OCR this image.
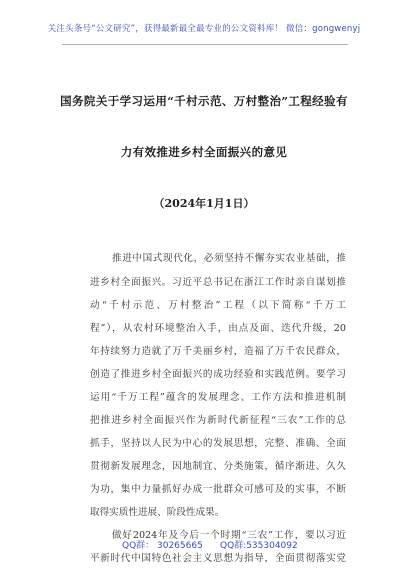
关注头条号“公文研究”，获得最新最全最专业的公文资料库！ 微信：gongwenyj
国务院关于学习运用“千村示范、万村整治”工程经验有
力有效推进乡村全面振兴的意见
（2024年1月1日）
推进中国式现代化，必须坚持不懈夯实农业基础，推
进乡村全面振兴。习近平总书记在浙江工作时亲自谋划推
动“千村示范、万村整治”工程（以下简称“千万工
程”），从农村环境整治入手，由点及面、迭代升级，20
年持续努力造就了万千美丽乡村，造福了万千农民群众，
创造了推进乡村全面振兴的成功经验和实践范例。要学习
运用“千万工程”蕴含的发展理念、工作方法和推进机制
把推进乡村全面振兴作为新时代新征程“三农”工作的总
抓手，坚持以人民为中心的发展思想，完整、准确、全面
贯彻新发展理念，因地制宜、分类施策，循序渐进、久久
为功，集中力量抓好办成一批群众可感可及的实事，不断
取得实质性进展、阶段性成果。
做好2024年及今后一个时期“三农”工作，要以习近
平新时代中国特色社会主义思想为指导，全面贯彻落实党
QQ群： 30265665 QQ群:535304092
